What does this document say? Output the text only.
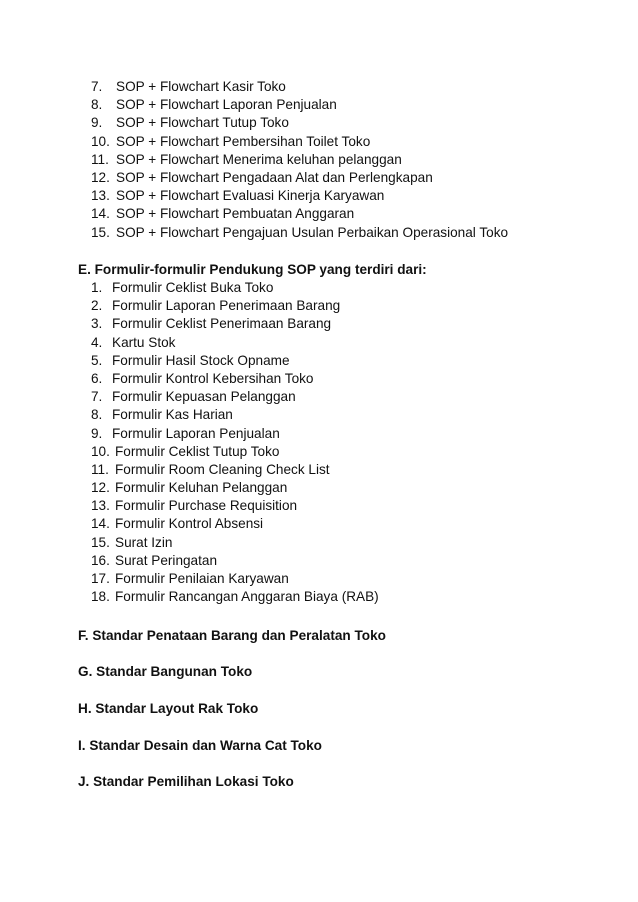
7. SOP + Flowchart Kasir Toko
8. SOP + Flowchart Laporan Penjualan
9. SOP + Flowchart Tutup Toko
10. SOP + Flowchart Pembersihan Toilet Toko
11. SOP + Flowchart Menerima keluhan pelanggan
12. SOP + Flowchart Pengadaan Alat dan Perlengkapan
13. SOP + Flowchart Evaluasi Kinerja Karyawan
14. SOP + Flowchart Pembuatan Anggaran
15. SOP + Flowchart Pengajuan Usulan Perbaikan Operasional Toko
E. Formulir-formulir Pendukung SOP yang terdiri dari:
1. Formulir Ceklist Buka Toko
2. Formulir Laporan Penerimaan Barang
3. Formulir Ceklist Penerimaan Barang
4. Kartu Stok
5. Formulir Hasil Stock Opname
6. Formulir Kontrol Kebersihan Toko
7. Formulir Kepuasan Pelanggan
8. Formulir Kas Harian
9. Formulir Laporan Penjualan
10. Formulir Ceklist Tutup Toko
11. Formulir Room Cleaning Check List
12. Formulir Keluhan Pelanggan
13. Formulir Purchase Requisition
14. Formulir Kontrol Absensi
15. Surat Izin
16. Surat Peringatan
17. Formulir Penilaian Karyawan
18. Formulir Rancangan Anggaran Biaya (RAB)
F. Standar Penataan Barang dan Peralatan Toko
G. Standar Bangunan Toko
H. Standar Layout Rak Toko
I. Standar Desain dan Warna Cat Toko
J. Standar Pemilihan Lokasi Toko
